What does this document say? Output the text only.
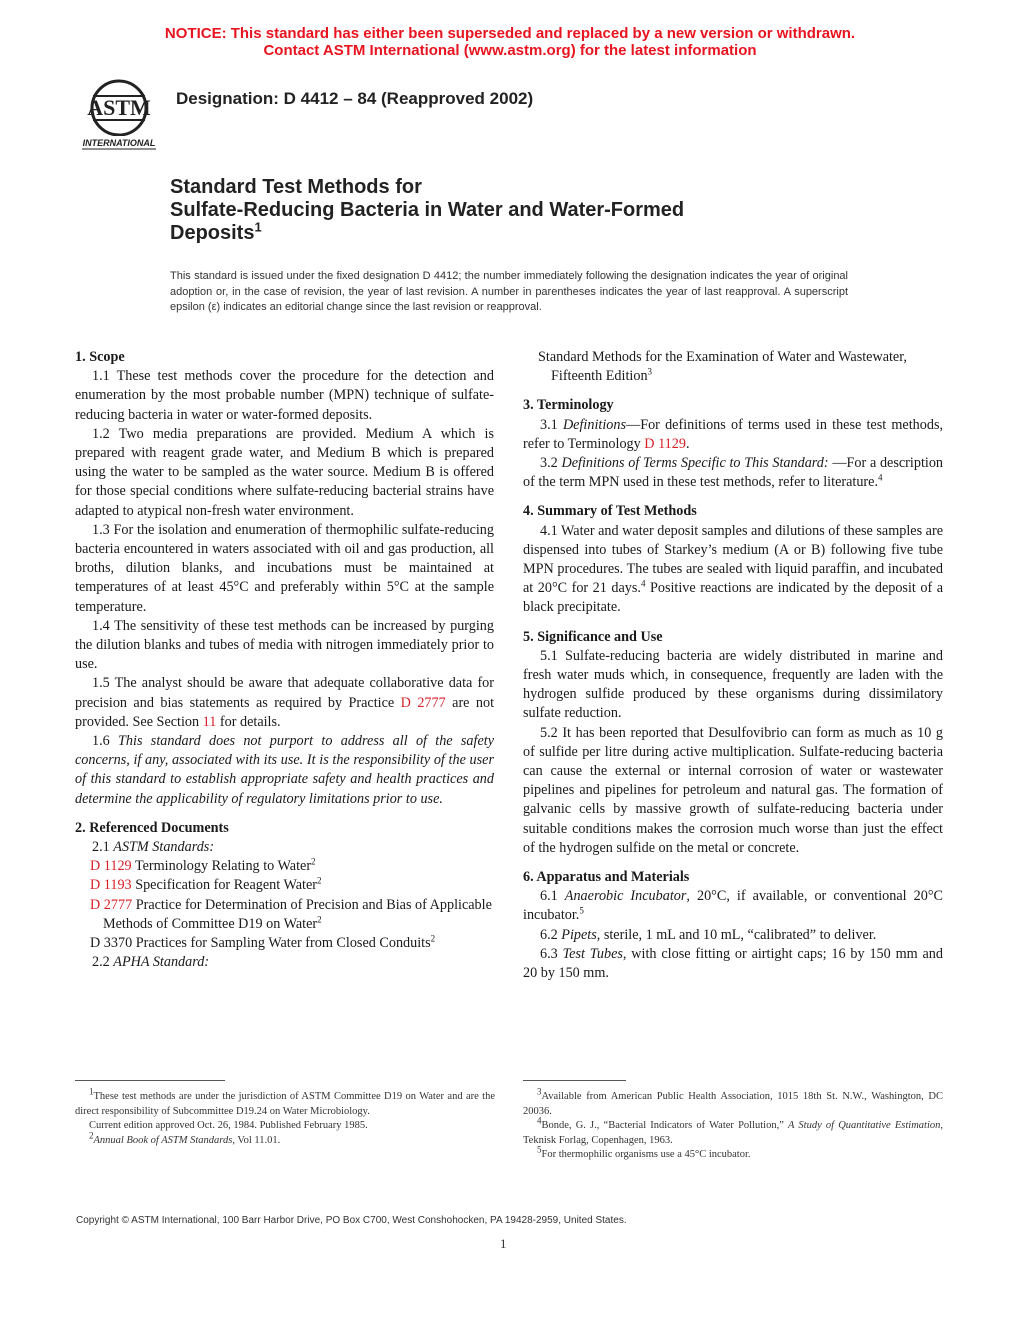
NOTICE: This standard has either been superseded and replaced by a new version or withdrawn.
Contact ASTM International (www.astm.org) for the latest information
ASTM
INTERNATIONAL
Designation: D 4412 – 84 (Reapproved 2002)
Standard Test Methods for
Sulfate-Reducing Bacteria in Water and Water-Formed
Deposits$^1$
This standard is issued under the fixed designation D 4412; the number immediately following the designation indicates the year of original adoption or, in the case of revision, the year of last revision. A number in parentheses indicates the year of last reapproval. A superscript epsilon (ε) indicates an editorial change since the last revision or reapproval.
1. Scope

1.1 These test methods cover the procedure for the detection and enumeration by the most probable number (MPN) technique of sulfate-reducing bacteria in water or water-formed deposits.

1.2 Two media preparations are provided. Medium A which is prepared with reagent grade water, and Medium B which is prepared using the water to be sampled as the water source. Medium B is offered for those special conditions where sulfate-reducing bacterial strains have adapted to atypical non-fresh water environment.

1.3 For the isolation and enumeration of thermophilic sulfate-reducing bacteria encountered in waters associated with oil and gas production, all broths, dilution blanks, and incubations must be maintained at temperatures of at least 45°C and preferably within 5°C at the sample temperature.

1.4 The sensitivity of these test methods can be increased by purging the dilution blanks and tubes of media with nitrogen immediately prior to use.

1.5 The analyst should be aware that adequate collaborative data for precision and bias statements as required by Practice D 2777 are not provided. See Section 11 for details.

1.6 This standard does not purport to address all of the safety concerns, if any, associated with its use. It is the responsibility of the user of this standard to establish appropriate safety and health practices and determine the applicability of regulatory limitations prior to use.

2. Referenced Documents

2.1 ASTM Standards:

D 1129 Terminology Relating to Water$^2$

D 1193 Specification for Reagent Water$^2$

D 2777 Practice for Determination of Precision and Bias of Applicable Methods of Committee D19 on Water$^2$

D 3370 Practices for Sampling Water from Closed Conduits$^2$

2.2 APHA Standard:

Standard Methods for the Examination of Water and Wastewater, Fifteenth Edition$^3$

3. Terminology

3.1 Definitions—For definitions of terms used in these test methods, refer to Terminology D 1129.

3.2 Definitions of Terms Specific to This Standard: —For a description of the term MPN used in these test methods, refer to literature.$^4$

4. Summary of Test Methods

4.1 Water and water deposit samples and dilutions of these samples are dispensed into tubes of Starkey’s medium (A or B) following five tube MPN procedures. The tubes are sealed with liquid paraffin, and incubated at 20°C for 21 days.$^4$ Positive reactions are indicated by the deposit of a black precipitate.

5. Significance and Use

5.1 Sulfate-reducing bacteria are widely distributed in marine and fresh water muds which, in consequence, frequently are laden with the hydrogen sulfide produced by these organisms during dissimilatory sulfate reduction.

5.2 It has been reported that Desulfovibrio can form as much as 10 g of sulfide per litre during active multiplication. Sulfate-reducing bacteria can cause the external or internal corrosion of water or wastewater pipelines and pipelines for petroleum and natural gas. The formation of galvanic cells by massive growth of sulfate-reducing bacteria under suitable conditions makes the corrosion much worse than just the effect of the hydrogen sulfide on the metal or concrete.

6. Apparatus and Materials

6.1 Anaerobic Incubator, 20°C, if available, or conventional 20°C incubator.$^5$

6.2 Pipets, sterile, 1 mL and 10 mL, “calibrated” to deliver.

6.3 Test Tubes, with close fitting or airtight caps; 16 by 150 mm and 20 by 150 mm.

$^1$These test methods are under the jurisdiction of ASTM Committee D19 on Water and are the direct responsibility of Subcommittee D19.24 on Water Microbiology.

Current edition approved Oct. 26, 1984. Published February 1985.

$^2$Annual Book of ASTM Standards, Vol 11.01.

$^3$Available from American Public Health Association, 1015 18th St. N.W., Washington, DC 20036.

$^4$Bonde, G. J., “Bacterial Indicators of Water Pollution,” A Study of Quantitative Estimation, Teknisk Forlag, Copenhagen, 1963.

$^5$For thermophilic organisms use a 45°C incubator.

Copyright © ASTM International, 100 Barr Harbor Drive, PO Box C700, West Conshohocken, PA 19428-2959, United States.
1
